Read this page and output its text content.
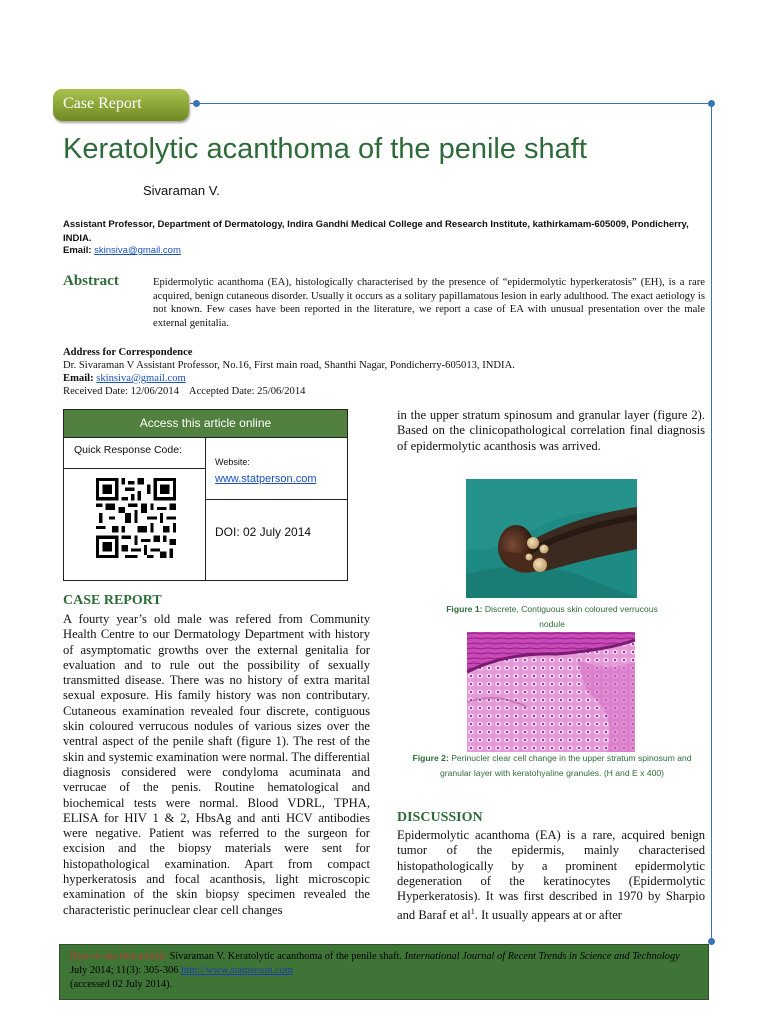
Case Report
Keratolytic acanthoma of the penile shaft
Sivaraman V.
Assistant Professor, Department of Dermatology, Indira Gandhi Medical College and Research Institute, kathirkamam-605009, Pondicherry, INDIA.
Email: skinsiva@gmail.com
Abstract	Epidermolytic acanthoma (EA), histologically characterised by the presence of “epidermolytic hyperkeratosis” (EH), is a rare acquired, benign cutaneous disorder. Usually it occurs as a solitary papillamatous lesion in early adulthood. The exact aetiology is not known. Few cases have been reported in the literature, we report a case of EA with unusual presentation over the male external genitalia.
Address for Correspondence
Dr. Sivaraman V Assistant Professor, No.16, First main road, Shanthi Nagar, Pondicherry-605013, INDIA.
Email: skinsiva@gmail.com
Received Date: 12/06/2014    Accepted Date: 25/06/2014
Access this article online
Quick Response Code:
Website:
www.statperson.com
DOI: 02 July 2014
CASE REPORT
A fourty year’s old male was refered from Community Health Centre to our Dermatology Department with history of asymptomatic growths over the external genitalia for evaluation and to rule out the possibility of sexually transmitted disease. There was no history of extra marital sexual exposure. His family history was non contributary. Cutaneous examination revealed four discrete, contiguous skin coloured verrucous nodules of various sizes over the ventral aspect of the penile shaft (figure 1). The rest of the skin and systemic examination were normal. The differential diagnosis considered were condyloma acuminata and verrucae of the penis. Routine hematological and biochemical tests were normal. Blood VDRL, TPHA, ELISA for HIV 1 & 2, HbsAg and anti HCV antibodies were negative. Patient was referred to the surgeon for excision and the biopsy materials were sent for histopathological examination. Apart from compact hyperkeratosis and focal acanthosis, light microscopic examination of the skin biopsy specimen revealed the characteristic perinuclear clear cell changes
in the upper stratum spinosum and granular layer (figure 2). Based on the clinicopathological correlation final diagnosis of epidermolytic acanthosis was arrived.
Figure 1: Discrete, Contiguous skin coloured verrucous nodule
Figure 2: Perinucler clear cell change in the upper stratum spinosum and granular layer with keratohyaline granules. (H and E x 400)
DISCUSSION
Epidermolytic acanthoma (EA) is a rare, acquired benign tumor of the epidermis, mainly characterised histopathologically by a prominent epidermolytic degeneration of the keratinocytes (Epidermolytic Hyperkeratosis). It was first described in 1970 by Sharpio and Baraf et $al^1$. It usually appears at or after
How to site this article: Sivaraman V. Keratolytic acanthoma of the penile shaft. International Journal of Recent Trends in Science and Technology July 2014; 11(3): 305-306 http://www.statperson.com
(accessed 02 July 2014).
